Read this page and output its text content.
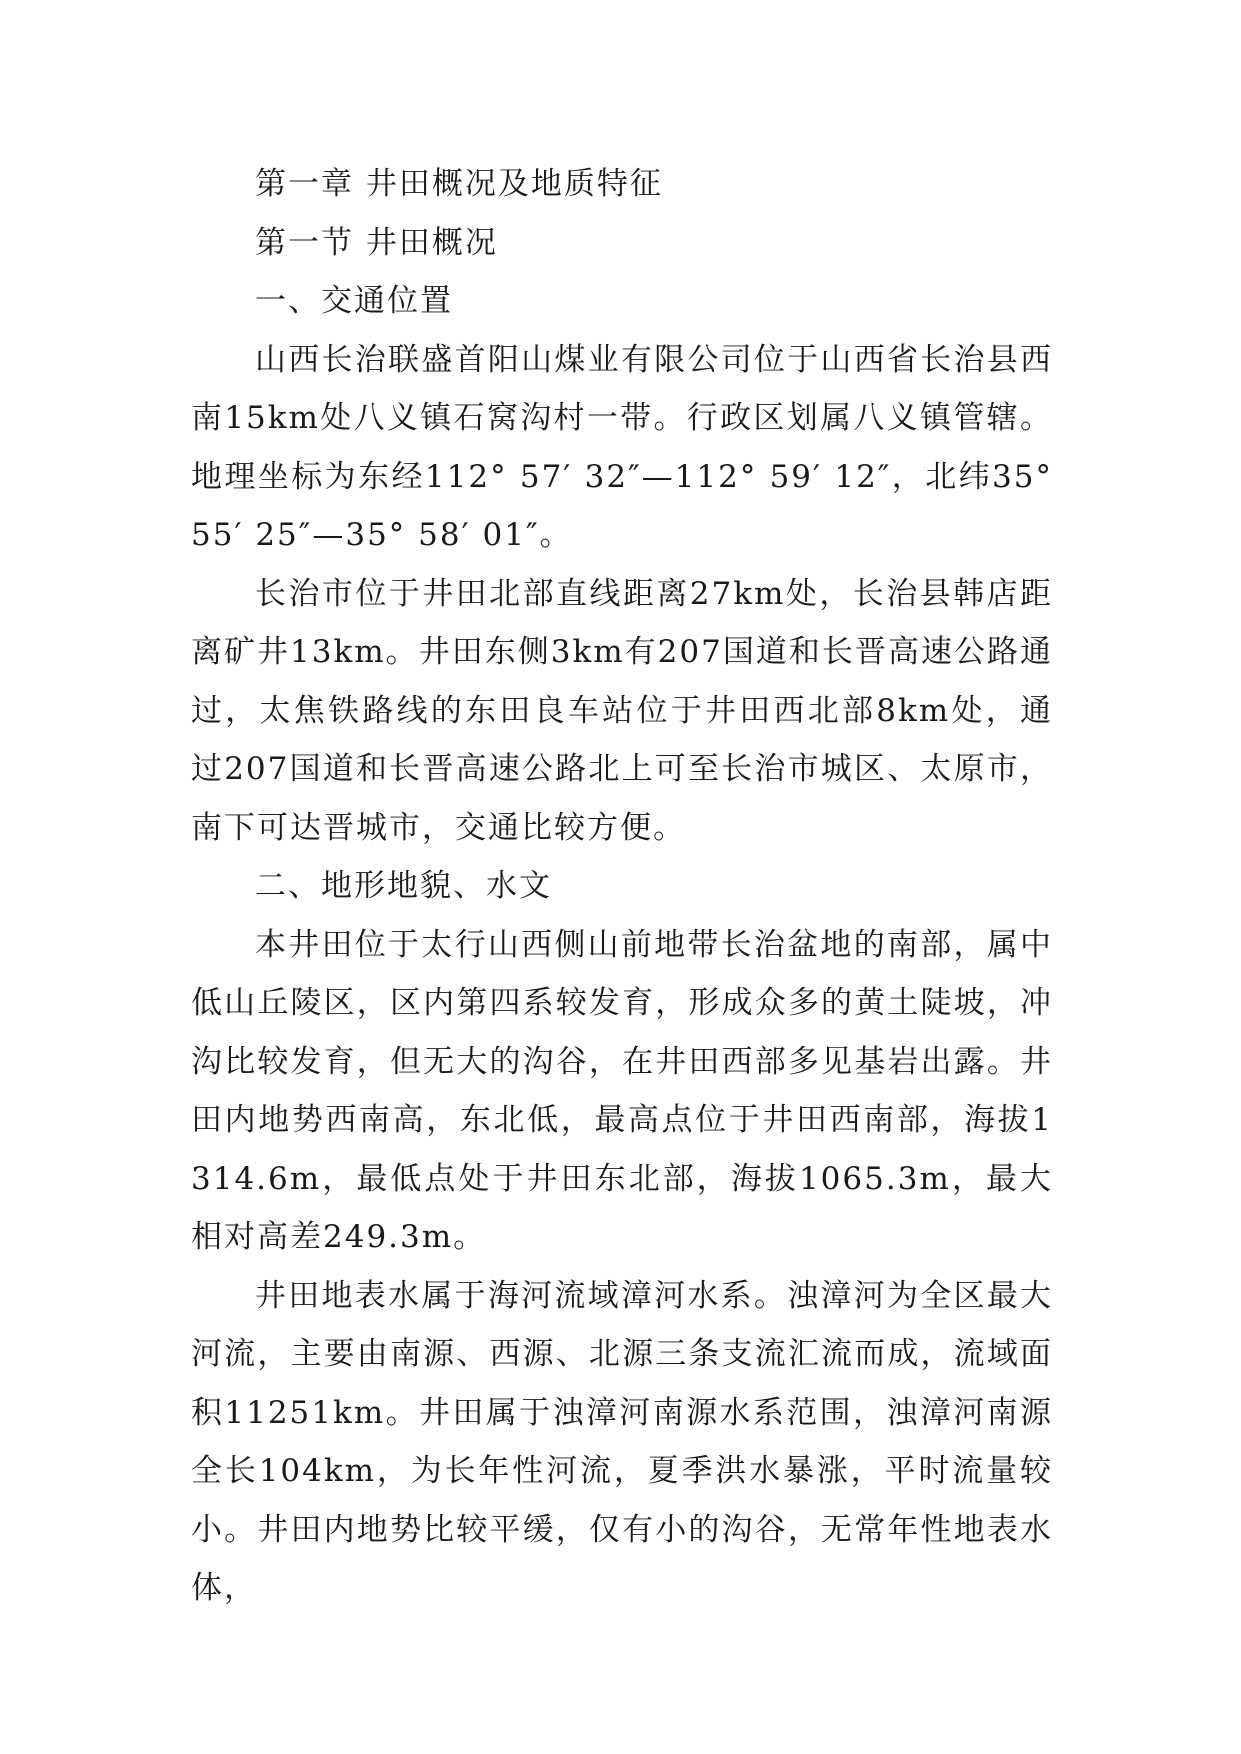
第一章 井田概况及地质特征

第一节 井田概况

一、交通位置

山西长治联盛首阳山煤业有限公司位于山西省长治县西南15km处八义镇石窝沟村一带。行政区划属八义镇管辖。地理坐标为东经112° 57′ 32″—112° 59′ 12″，北纬35° 55′ 25″—35° 58′ 01″。

长治市位于井田北部直线距离27km处，长治县韩店距离矿井13km。井田东侧3km有207国道和长晋高速公路通过，太焦铁路线的东田良车站位于井田西北部8km处，通过207国道和长晋高速公路北上可至长治市城区、太原市，南下可达晋城市，交通比较方便。

二、地形地貌、水文

本井田位于太行山西侧山前地带长治盆地的南部，属中低山丘陵区，区内第四系较发育，形成众多的黄土陡坡，冲沟比较发育，但无大的沟谷，在井田西部多见基岩出露。井田内地势西南高，东北低，最高点位于井田西南部，海拔1314.6m，最低点处于井田东北部，海拔1065.3m，最大相对高差249.3m。

井田地表水属于海河流域漳河水系。浊漳河为全区最大河流，主要由南源、西源、北源三条支流汇流而成，流域面积11251km。井田属于浊漳河南源水系范围，浊漳河南源全长104km，为长年性河流，夏季洪水暴涨，平时流量较小。井田内地势比较平缓，仅有小的沟谷，无常年性地表水体，
